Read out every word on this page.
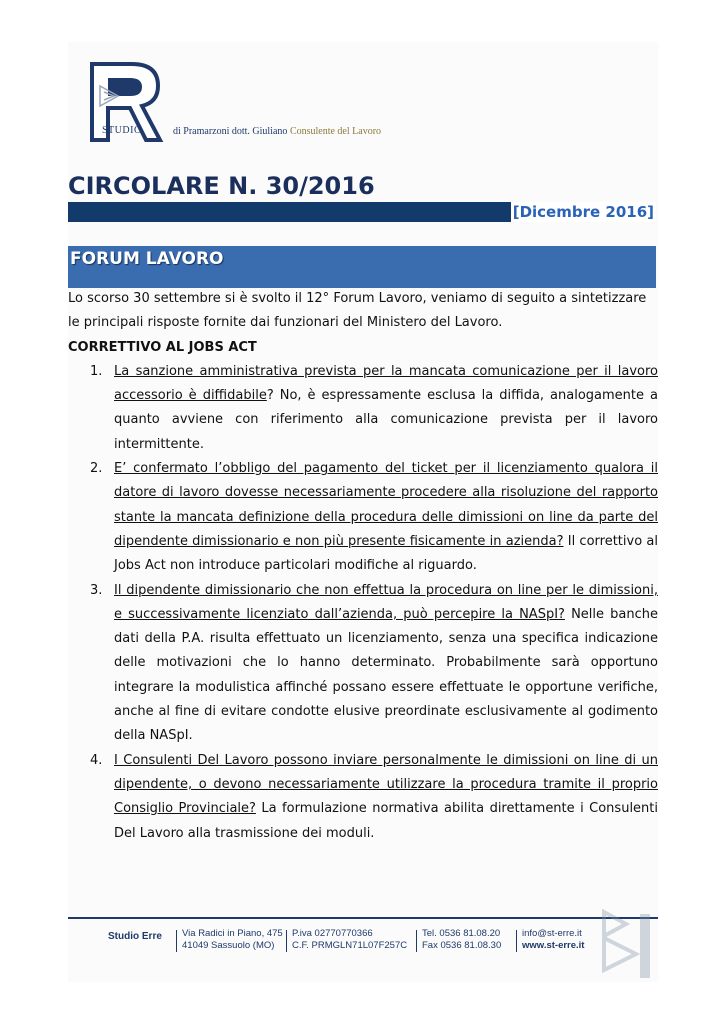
STUDIO	di Pramarzoni dott. Giuliano Consulente del Lavoro
CIRCOLARE N. 30/2016
[Dicembre 2016]
FORUM LAVORO

Lo scorso 30 settembre si è svolto il 12° Forum Lavoro, veniamo di seguito a sintetizzare le principali risposte fornite dai funzionari del Ministero del Lavoro.

CORRETTIVO AL JOBS ACT

1. La sanzione amministrativa prevista per la mancata comunicazione per il lavoro accessorio è diffidabile? No, è espressamente esclusa la diffida, analogamente a quanto avviene con riferimento alla comunicazione prevista per il lavoro intermittente.
2. E’ confermato l’obbligo del pagamento del ticket per il licenziamento qualora il datore di lavoro dovesse necessariamente procedere alla risoluzione del rapporto stante la mancata definizione della procedura delle dimissioni on line da parte del dipendente dimissionario e non più presente fisicamente in azienda? Il correttivo al Jobs Act non introduce particolari modifiche al riguardo.
3. Il dipendente dimissionario che non effettua la procedura on line per le dimissioni, e successivamente licenziato dall’azienda, può percepire la NASpI? Nelle banche dati della P.A. risulta effettuato un licenziamento, senza una specifica indicazione delle motivazioni che lo hanno determinato. Probabilmente sarà opportuno integrare la modulistica affinché possano essere effettuate le opportune verifiche, anche al fine di evitare condotte elusive preordinate esclusivamente al godimento della NASpI.
4. I Consulenti Del Lavoro possono inviare personalmente le dimissioni on line di un dipendente, o devono necessariamente utilizzare la procedura tramite il proprio Consiglio Provinciale? La formulazione normativa abilita direttamente i Consulenti Del Lavoro alla trasmissione dei moduli.
Studio Erre Via Radici in Piano, 475
41049 Sassuolo (MO)
P.iva 02770770366
C.F. PRMGLN71L07F257C
Tel. 0536 81.08.20
Fax 0536 81.08.30
info@st-erre.it
www.st-erre.it
